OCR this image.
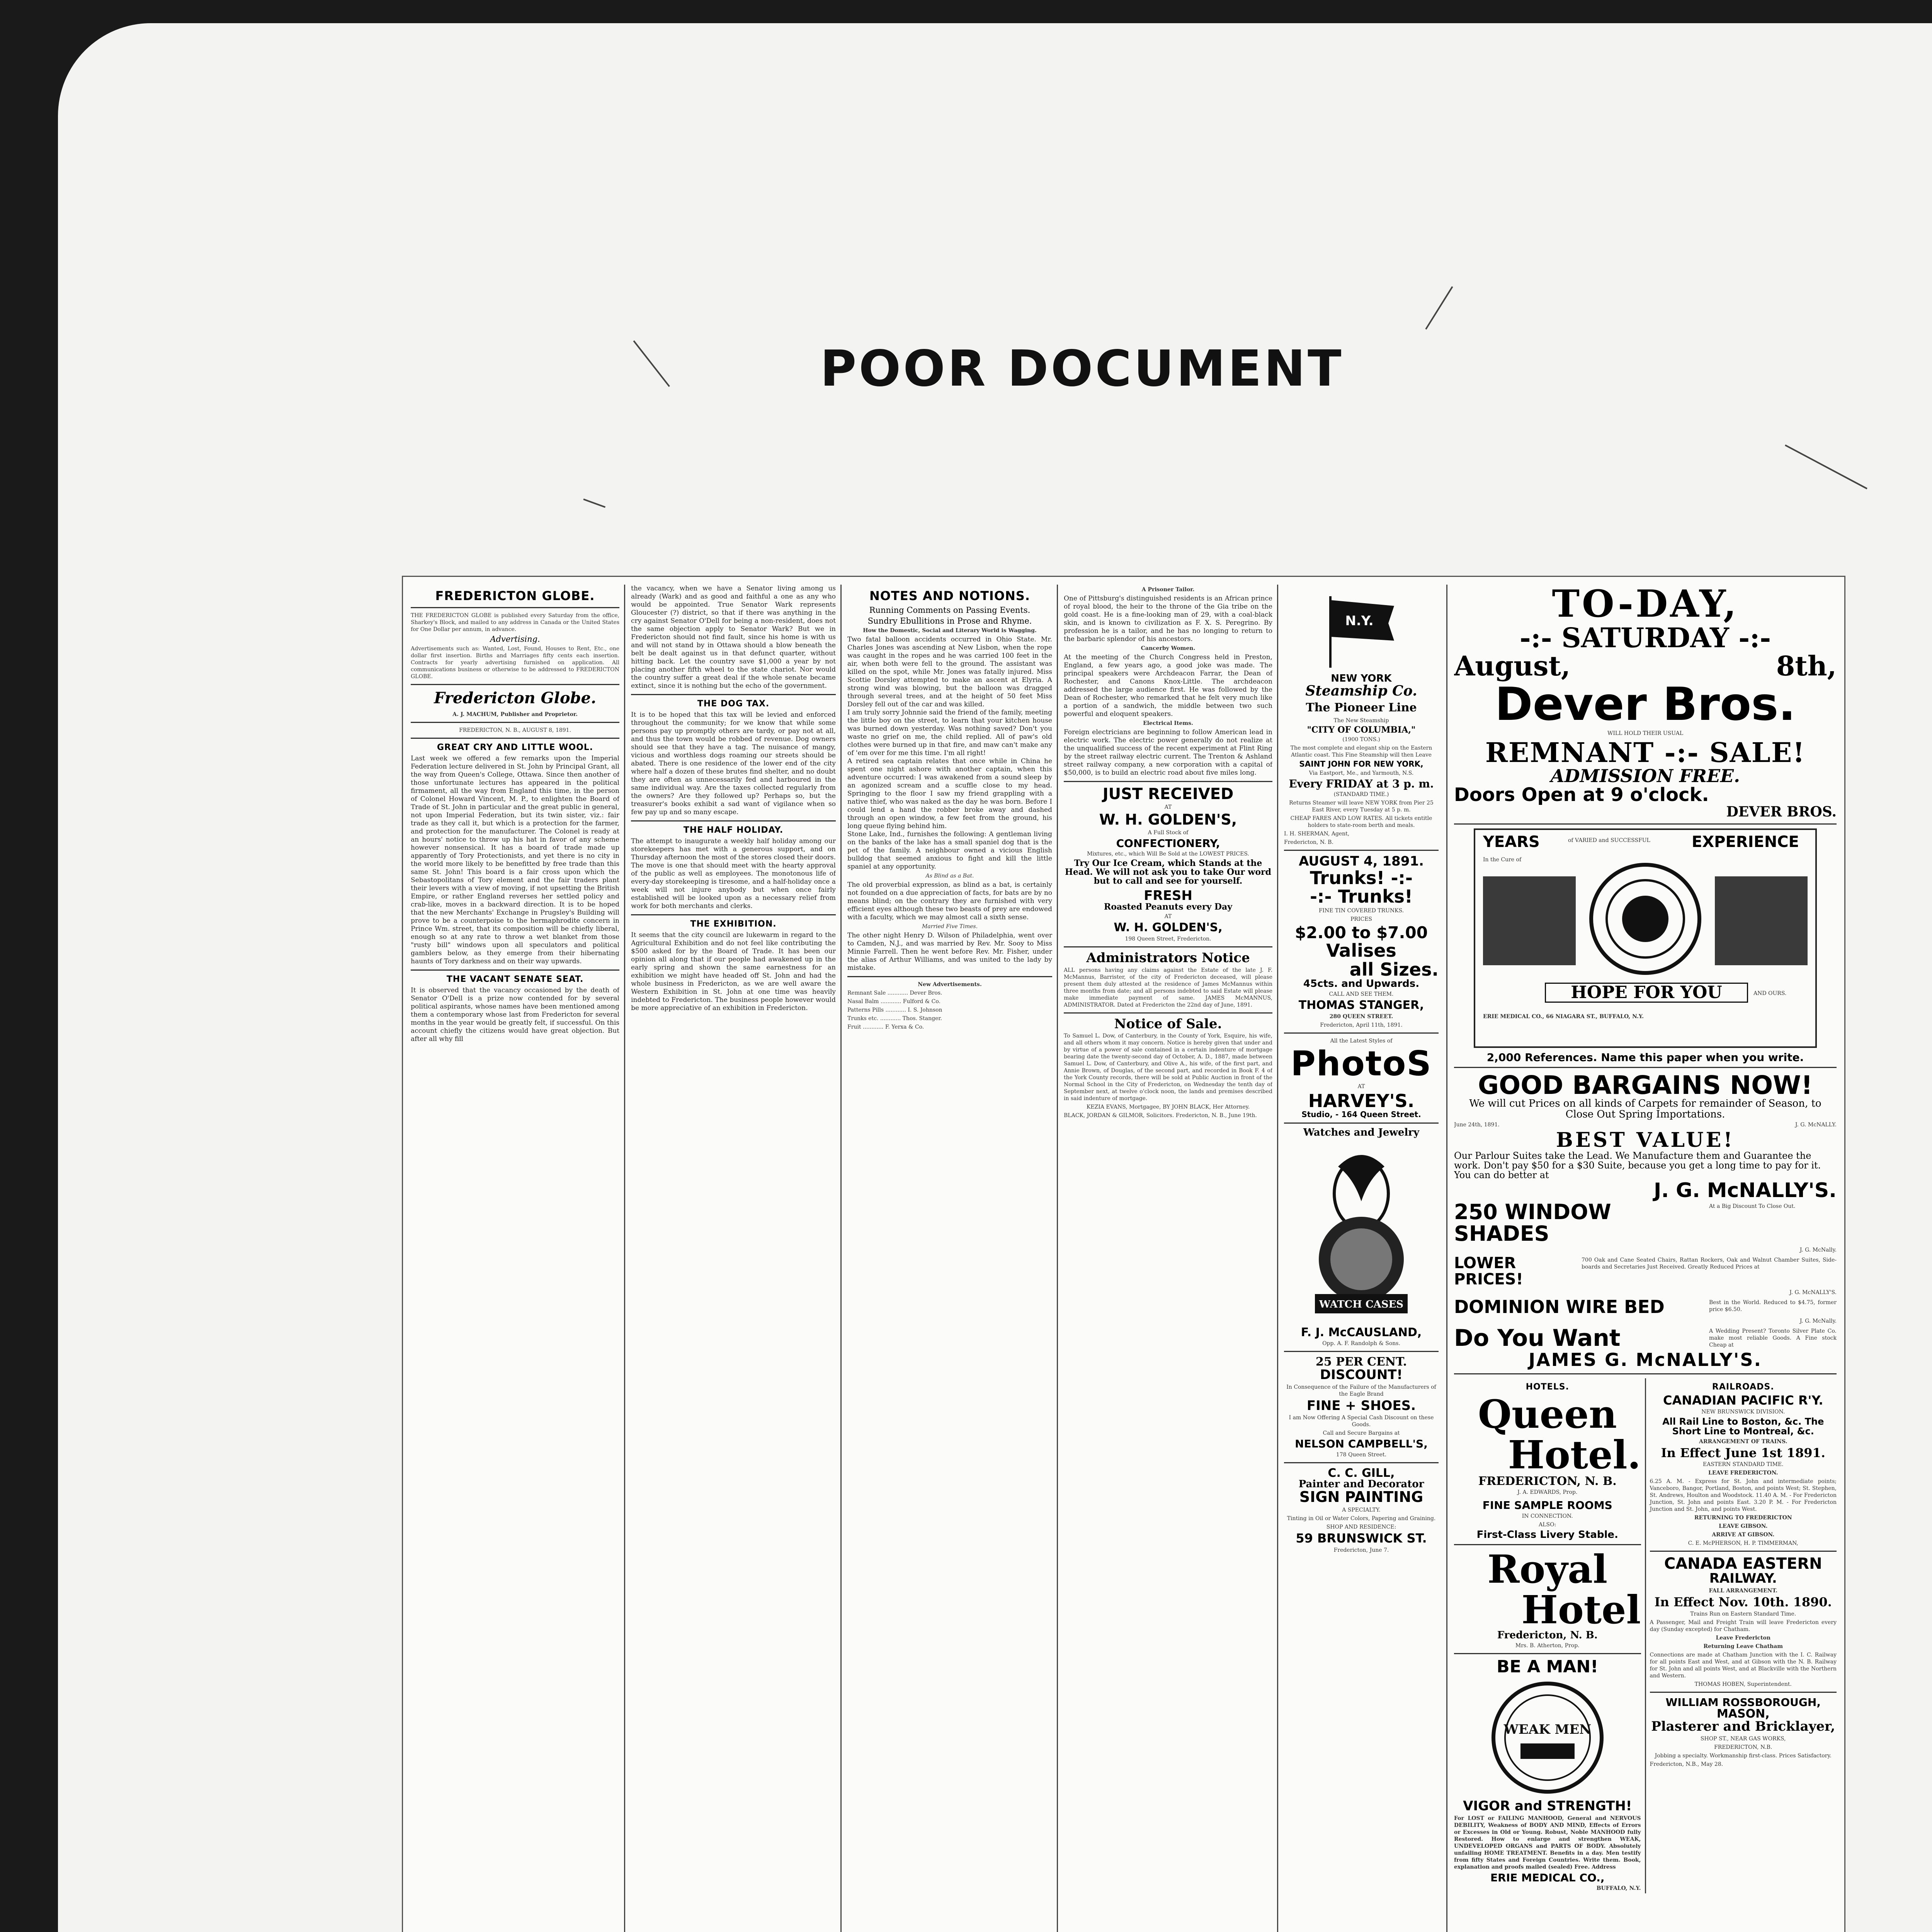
POOR DOCUMENT
FREDERICTON GLOBE.

THE FREDERICTON GLOBE is published every Saturday from the office, Sharkey's Block, and mailed to any address in Canada or the United States for One Dollar per annum, in advance.

Advertising.

Advertisements such as: Wanted, Lost, Found, Houses to Rent, Etc., one dollar first insertion. Births and Marriages fifty cents each insertion. Contracts for yearly advertising furnished on application. All communications business or otherwise to be addressed to FREDERICTON GLOBE.

Fredericton Globe.
A. J. MACHUM, Publisher and Proprietor.
FREDERICTON, N. B., AUGUST 8, 1891.
GREAT CRY AND LITTLE WOOL.

Last week we offered a few remarks upon the Imperial Federation lecture delivered in St. John by Principal Grant, all the way from Queen's College, Ottawa. Since then another of those unfortunate lectures has appeared in the political firmament, all the way from England this time, in the person of Colonel Howard Vincent, M. P., to enlighten the Board of Trade of St. John in particular and the great public in general, not upon Imperial Federation, but its twin sister, viz.: fair trade as they call it, but which is a protection for the farmer, and protection for the manufacturer. The Colonel is ready at an hours' notice to throw up his hat in favor of any scheme however nonsensical. It has a board of trade made up apparently of Tory Protectionists, and yet there is no city in the world more likely to be benefitted by free trade than this same St. John! This board is a fair cross upon which the Sebastopolitans of Tory element and the fair traders plant their levers with a view of moving, if not upsetting the British Empire, or rather England reverses her settled policy and crab-like, moves in a backward direction. It is to be hoped that the new Merchants' Exchange in Prugsley's Building will prove to be a counterpoise to the hermaphrodite concern in Prince Wm. street, that its composition will be chiefly liberal, enough so at any rate to throw a wet blanket from those "rusty bill" windows upon all speculators and political gamblers below, as they emerge from their hibernating haunts of Tory darkness and on their way upwards.

THE VACANT SENATE SEAT.

It is observed that the vacancy occasioned by the death of Senator O'Dell is a prize now contended for by several political aspirants, whose names have been mentioned among them a contemporary whose last from Fredericton for several months in the year would be greatly felt, if successful. On this account chiefly the citizens would have great objection. But after all why fill

the vacancy, when we have a Senator living among us already (Wark) and as good and faithful a one as any who would be appointed. True Senator Wark represents Gloucester (?) district, so that if there was anything in the cry against Senator O'Dell for being a non-resident, does not the same objection apply to Senator Wark? But we in Fredericton should not find fault, since his home is with us and will not stand by in Ottawa should a blow beneath the belt be dealt against us in that defunct quarter, without hitting back. Let the country save $1,000 a year by not placing another fifth wheel to the state chariot. Nor would the country suffer a great deal if the whole senate became extinct, since it is nothing but the echo of the government.

THE DOG TAX.

It is to be hoped that this tax will be levied and enforced throughout the community; for we know that while some persons pay up promptly others are tardy, or pay not at all, and thus the town would be robbed of revenue. Dog owners should see that they have a tag. The nuisance of mangy, vicious and worthless dogs roaming our streets should be abated. There is one residence of the lower end of the city where half a dozen of these brutes find shelter, and no doubt they are often as unnecessarily fed and harboured in the same individual way. Are the taxes collected regularly from the owners? Are they followed up? Perhaps so, but the treasurer's books exhibit a sad want of vigilance when so few pay up and so many escape.

THE HALF HOLIDAY.

The attempt to inaugurate a weekly half holiday among our storekeepers has met with a generous support, and on Thursday afternoon the most of the stores closed their doors. The move is one that should meet with the hearty approval of the public as well as employees. The monotonous life of every-day storekeeping is tiresome, and a half-holiday once a week will not injure anybody but when once fairly established will be looked upon as a necessary relief from work for both merchants and clerks.

THE EXHIBITION.

It seems that the city council are lukewarm in regard to the Agricultural Exhibition and do not feel like contributing the $500 asked for by the Board of Trade. It has been our opinion all along that if our people had awakened up in the early spring and shown the same earnestness for an exhibition we might have headed off St. John and had the whole business in Fredericton, as we are well aware the Western Exhibition in St. John at one time was heavily indebted to Fredericton. The business people however would be more appreciative of an exhibition in Fredericton.

NOTES AND NOTIONS.
Running Comments on Passing Events.
Sundry Ebullitions in Prose and Rhyme.
How the Domestic, Social and Literary World is Wagging.

Two fatal balloon accidents occurred in Ohio State. Mr. Charles Jones was ascending at New Lisbon, when the rope was caught in the ropes and he was carried 100 feet in the air, when both were fell to the ground. The assistant was killed on the spot, while Mr. Jones was fatally injured. Miss Scottie Dorsley attempted to make an ascent at Elyria. A strong wind was blowing, but the balloon was dragged through several trees, and at the height of 50 feet Miss Dorsley fell out of the car and was killed.

I am truly sorry Johnnie said the friend of the family, meeting the little boy on the street, to learn that your kitchen house was burned down yesterday. Was nothing saved? Don't you waste no grief on me, the child replied. All of paw's old clothes were burned up in that fire, and maw can't make any of 'em over for me this time. I'm all right!

A retired sea captain relates that once while in China he spent one night ashore with another captain, when this adventure occurred: I was awakened from a sound sleep by an agonized scream and a scuffle close to my head. Springing to the floor I saw my friend grappling with a native thief, who was naked as the day he was born. Before I could lend a hand the robber broke away and dashed through an open window, a few feet from the ground, his long queue flying behind him.

Stone Lake, Ind., furnishes the following: A gentleman living on the banks of the lake has a small spaniel dog that is the pet of the family. A neighbour owned a vicious English bulldog that seemed anxious to fight and kill the little spaniel at any opportunity.

As Blind as a Bat.

The old proverbial expression, as blind as a bat, is certainly not founded on a due appreciation of facts, for bats are by no means blind; on the contrary they are furnished with very efficient eyes although these two beasts of prey are endowed with a faculty, which we may almost call a sixth sense.

Married Five Times.

The other night Henry D. Wilson of Philadelphia, went over to Camden, N.J., and was married by Rev. Mr. Sooy to Miss Minnie Farrell. Then he went before Rev. Mr. Fisher, under the alias of Arthur Williams, and was united to the lady by mistake.

New Advertisements.
Remnant Sale ............ Dever Bros.
Nasal Balm ............ Fulford & Co.
Patterns Pills ............ I. S. Johnson
Trunks etc. ............ Thos. Stanger.
Fruit ............ F. Yerxa & Co.
A Prisoner Tailor.

One of Pittsburg's distinguished residents is an African prince of royal blood, the heir to the throne of the Gia tribe on the gold coast. He is a fine-looking man of 29, with a coal-black skin, and is known to civilization as F. X. S. Peregrino. By profession he is a tailor, and he has no longing to return to the barbaric splendor of his ancestors.

Cancerby Women.

At the meeting of the Church Congress held in Preston, England, a few years ago, a good joke was made. The principal speakers were Archdeacon Farrar, the Dean of Rochester, and Canons Knox-Little. The archdeacon addressed the large audience first. He was followed by the Dean of Rochester, who remarked that he felt very much like a portion of a sandwich, the middle between two such powerful and eloquent speakers.

Electrical Items.

Foreign electricians are beginning to follow American lead in electric work. The electric power generally do not realize at the unqualified success of the recent experiment at Flint Ring by the street railway electric current. The Trenton & Ashland street railway company, a new corporation with a capital of $50,000, is to build an electric road about five miles long.

JUST RECEIVED
AT
W. H. GOLDEN'S,
A Full Stock of
CONFECTIONERY,
Mixtures, etc., which Will Be Sold at the LOWEST PRICES.
Try Our Ice Cream, which Stands at the Head. We will not ask you to take Our word but to call and see for yourself.
FRESH
Roasted Peanuts every Day
AT
W. H. GOLDEN'S,
198 Queen Street, Fredericton.
Administrators Notice

ALL persons having any claims against the Estate of the late J. F. McMannus, Barrister, of the city of Fredericton deceased, will please present them duly attested at the residence of James McMannus within three months from date; and all persons indebted to said Estate will please make immediate payment of same. JAMES McMANNUS, ADMINISTRATOR. Dated at Fredericton the 22nd day of June, 1891.

Notice of Sale.

To Samuel L. Dow, of Canterbury, in the County of York, Esquire, his wife, and all others whom it may concern. Notice is hereby given that under and by virtue of a power of sale contained in a certain indenture of mortgage bearing date the twenty-second day of October, A. D., 1887, made between Samuel L. Dow, of Canterbury, and Olive A., his wife, of the first part, and Annie Brown, of Douglas, of the second part, and recorded in Book F. 4 of the York County records, there will be sold at Public Auction in front of the Normal School in the City of Fredericton, on Wednesday the tenth day of September next, at twelve o'clock noon, the lands and premises described in said indenture of mortgage.

KEZIA EVANS, Mortgagee, BY JOHN BLACK, Her Attorney.
BLACK, JORDAN & GILMOR, Solicitors. Fredericton, N. B., June 19th.
N.Y.
NEW YORK
Steamship Co.
The Pioneer Line
The New Steamship
"CITY OF COLUMBIA,"
(1900 TONS.)
The most complete and elegant ship on the Eastern Atlantic coast. This Fine Steamship will then Leave
SAINT JOHN FOR NEW YORK,
Via Eastport, Me., and Yarmouth, N.S.
Every FRIDAY at 3 p. m.
(STANDARD TIME.)
Returns Steamer will leave NEW YORK from Pier 25 East River, every Tuesday at 5 p. m.
CHEAP FARES AND LOW RATES. All tickets entitle holders to state-room berth and meals.
I. H. SHERMAN, Agent,
Fredericton, N. B.
AUGUST 4, 1891.
Trunks! -:-
-:- Trunks!
FINE TIN COVERED TRUNKS.
PRICES
$2.00 to $7.00
Valises
all Sizes.
45cts. and Upwards.
CALL AND SEE THEM.
THOMAS STANGER,
280 QUEEN STREET.
Fredericton, April 11th, 1891.
All the Latest Styles of
PhotoS
AT
HARVEY'S.
Studio, - 164 Queen Street.
Watches and Jewelry
WATCH CASES
F. J. McCAUSLAND,
Opp. A. F. Randolph & Sons.
25 PER CENT.
DISCOUNT!
In Consequence of the Failure of the Manufacturers of the Eagle Brand
FINE + SHOES.
I am Now Offering A Special Cash Discount on these Goods.
Call and Secure Bargains at
NELSON CAMPBELL'S,
178 Queen Street.
C. C. GILL,
Painter and Decorator
SIGN PAINTING
A SPECIALTY.
Tinting in Oil or Water Colors, Papering and Graining.
SHOP AND RESIDENCE:
59 BRUNSWICK ST.
Fredericton, June 7.
TO-DAY,
-:- SATURDAY -:-
August,	8th,
Dever Bros.
WILL HOLD THEIR USUAL
REMNANT -:- SALE!
ADMISSION FREE.
Doors Open at 9 o'clock.
DEVER BROS.
YEARS	of VARIED and SUCCESSFUL	EXPERIENCE
In the Cure of
HOPE FOR YOU	AND OURS.
ERIE MEDICAL CO., 66 NIAGARA ST., BUFFALO, N.Y.
2,000 References. Name this paper when you write.
GOOD BARGAINS NOW!
We will cut Prices on all kinds of Carpets for remainder of Season, to Close Out Spring Importations.
June 24th, 1891.	J. G. McNALLY.
BEST VALUE!
Our Parlour Suites take the Lead. We Manufacture them and Guarantee the work. Don't pay $50 for a $30 Suite, because you get a long time to pay for it. You can do better at
J. G. McNALLY'S.
250 WINDOW SHADES
At a Big Discount To Close Out.
J. G. McNally.
LOWER PRICES!
700 Oak and Cane Seated Chairs, Rattan Rockers, Oak and Walnut Chamber Suites, Side-boards and Secretaries Just Received. Greatly Reduced Prices at
J. G. McNALLY'S.
DOMINION WIRE BED	Best in the World. Reduced to $4.75, former price $6.50.
J. G. McNally.
Do You Want	A Wedding Present? Toronto Silver Plate Co. make most reliable Goods. A Fine stock Cheap at
JAMES G. McNALLY'S.
HOTELS.
Queen
Hotel.
FREDERICTON, N. B.
J. A. EDWARDS, Prop.
FINE SAMPLE ROOMS
IN CONNECTION.
ALSO:
First-Class Livery Stable.
Royal
Hotel
Fredericton, N. B.
Mrs. B. Atherton, Prop.
BE A MAN!
WEAK MEN
VIGOR and STRENGTH!

For LOST or FAILING MANHOOD, General and NERVOUS DEBILITY, Weakness of BODY AND MIND, Effects of Errors or Excesses in Old or Young. Robust, Noble MANHOOD fully Restored. How to enlarge and strengthen WEAK, UNDEVELOPED ORGANS and PARTS OF BODY. Absolutely unfailing HOME TREATMENT. Benefits in a day. Men testify from fifty States and Foreign Countries. Write them. Book, explanation and proofs mailed (sealed) Free. Address

ERIE MEDICAL CO.,
BUFFALO, N.Y.
RAILROADS.
CANADIAN PACIFIC R'Y.
NEW BRUNSWICK DIVISION.
All Rail Line to Boston, &c. The Short Line to Montreal, &c.
ARRANGEMENT OF TRAINS.
In Effect June 1st 1891.
EASTERN STANDARD TIME.
LEAVE FREDERICTON.

6.25 A. M. - Express for St. John and intermediate points; Vanceboro, Bangor, Portland, Boston, and points West; St. Stephen, St. Andrews, Houlton and Woodstock. 11.40 A. M. - For Fredericton Junction, St. John and points East. 3.20 P. M. - For Fredericton Junction and St. John, and points West.

RETURNING TO FREDERICTON
LEAVE GIBSON.
ARRIVE AT GIBSON.
C. E. McPHERSON, H. P. TIMMERMAN,
CANADA EASTERN
RAILWAY.
FALL ARRANGEMENT.
In Effect Nov. 10th. 1890.
Trains Run on Eastern Standard Time.

A Passenger, Mail and Freight Train will leave Fredericton every day (Sunday excepted) for Chatham.

Leave Fredericton
Returning Leave Chatham

Connections are made at Chatham Junction with the I. C. Railway for all points East and West, and at Gibson with the N. B. Railway for St. John and all points West, and at Blackville with the Northern and Western.

THOMAS HOBEN, Superintendent.
WILLIAM ROSSBOROUGH,
MASON,
Plasterer and Bricklayer,
SHOP ST., NEAR GAS WORKS,
FREDERICTON, N.B.
Jobbing a specialty. Workmanship first-class. Prices Satisfactory.
Fredericton, N.B., May 28.
